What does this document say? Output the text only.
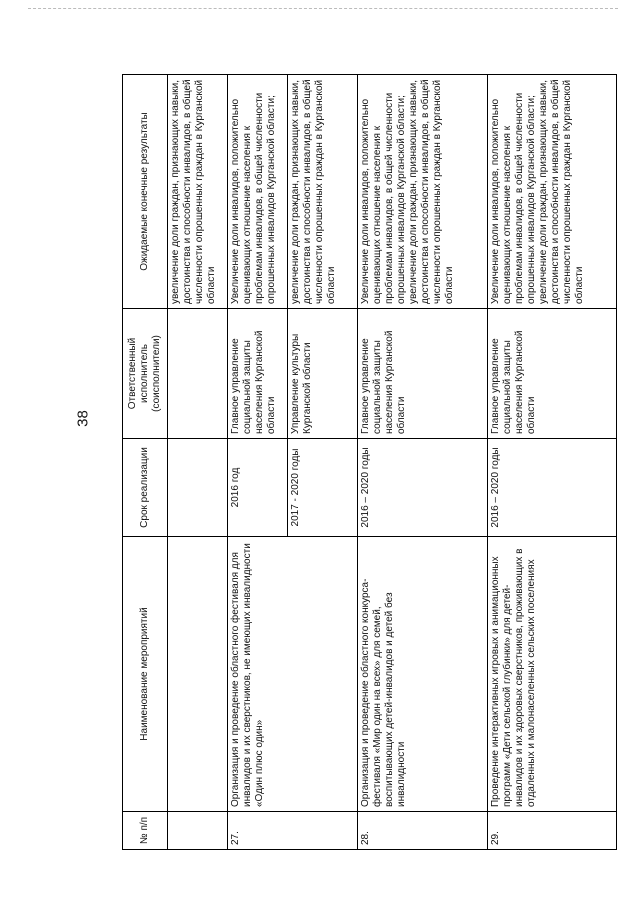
38
№ п/п	Наименование мероприятий	Срок реализации	Ответственный исполнитель (соисполнители)	Ожидаемые конечные результаты
				увеличение доли граждан, признающих навыки, достоинства и способности инвалидов, в общей численности опрошенных граждан в Курганской области
27.	Организация и проведение областного фестиваля для инвалидов и их сверстников, не имеющих инвалидности «Один плюс один»	2016 год	Главное управление социальной защиты населения Курганской области	Увеличение доли инвалидов, положительно оценивающих отношение населения к проблемам инвалидов, в общей численности опрошенных инвалидов Курганской области;
		2017 - 2020 годы	Управление культуры Курганской области	увеличение доли граждан, признающих навыки, достоинства и способности инвалидов, в общей численности опрошенных граждан в Курганской области
28.	Организация и проведение областного конкурса-фестиваля «Мир один на всех» для семей, воспитывающих детей-инвалидов и детей без инвалидности	2016 – 2020 годы	Главное управление социальной защиты населения Курганской области	Увеличение доли инвалидов, положительно оценивающих отношение населения к проблемам инвалидов, в общей численности опрошенных инвалидов Курганской области; увеличение доли граждан, признающих навыки, достоинства и способности инвалидов, в общей численности опрошенных граждан в Курганской области
29.	Проведение интерактивных игровых и анимационных программ «Дети сельской глубинки» для детей-инвалидов и их здоровых сверстников, проживающих в отдаленных и малонаселенных сельских поселениях	2016 – 2020 годы	Главное управление социальной защиты населения Курганской области	Увеличение доли инвалидов, положительно оценивающих отношение населения к проблемам инвалидов, в общей численности опрошенных инвалидов Курганской области; увеличение доли граждан, признающих навыки, достоинства и способности инвалидов, в общей численности опрошенных граждан в Курганской области
